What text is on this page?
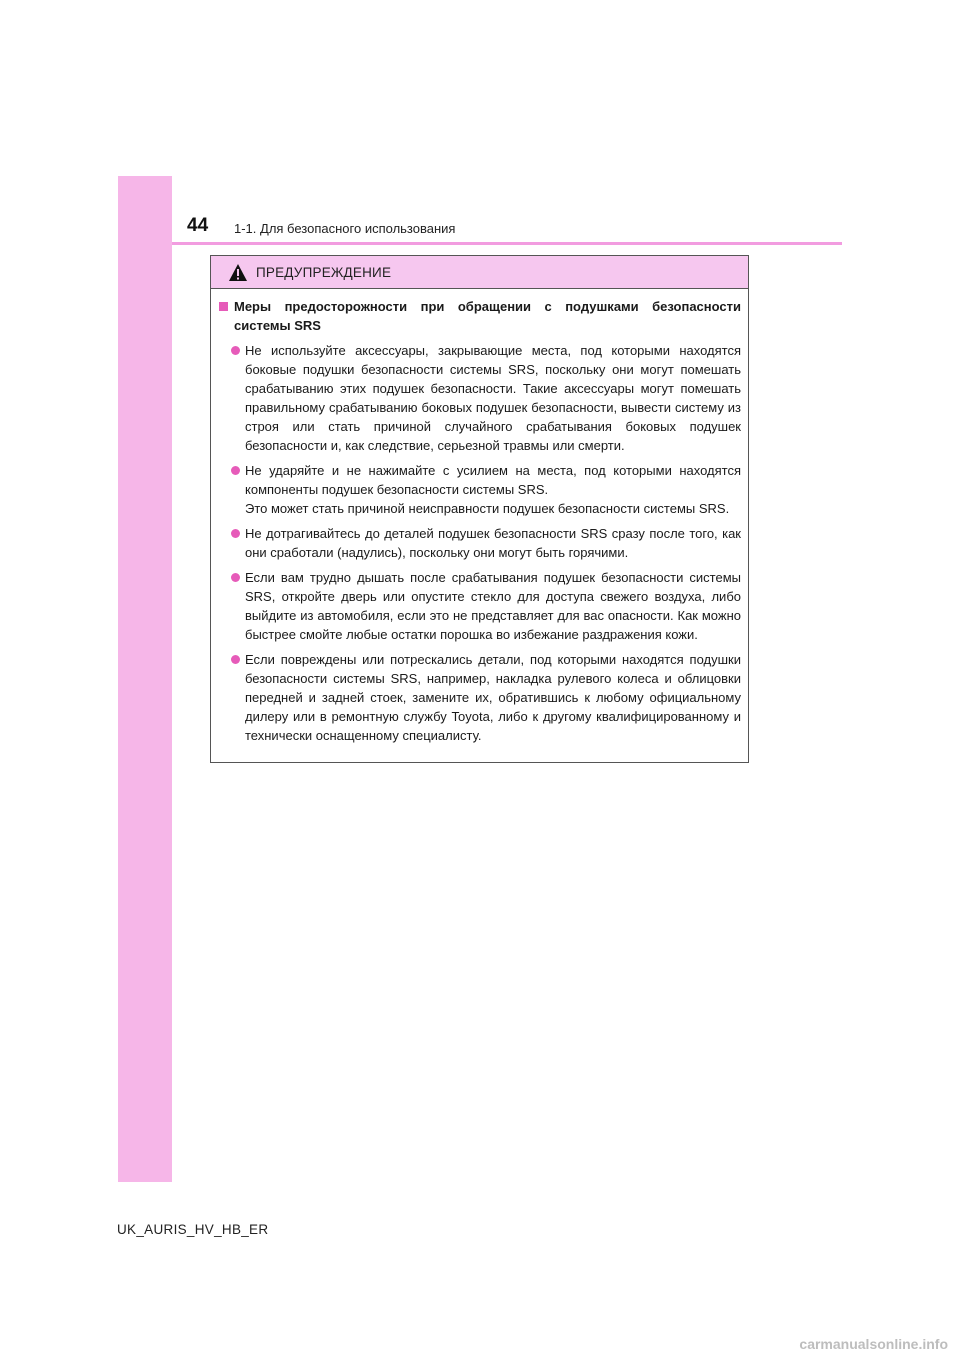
44 1-1. Для безопасного использования
ПРЕДУПРЕЖДЕНИЕ
Меры предосторожности при обращении с подушками безопасности системы SRS
Не используйте аксессуары, закрывающие места, под которыми находятся боковые подушки безопасности системы SRS, поскольку они могут помешать срабатыванию этих подушек безопасности. Такие аксессуары могут помешать правильному срабатыванию боковых подушек безопасности, вывести систему из строя или стать причиной случайного срабатывания боковых подушек безопасности и, как следствие, серьезной травмы или смерти.
Не ударяйте и не нажимайте с усилием на места, под которыми находятся компоненты подушек безопасности системы SRS.
Это может стать причиной неисправности подушек безопасности системы SRS.
Не дотрагивайтесь до деталей подушек безопасности SRS сразу после того, как они сработали (надулись), поскольку они могут быть горячими.
Если вам трудно дышать после срабатывания подушек безопасности системы SRS, откройте дверь или опустите стекло для доступа свежего воздуха, либо выйдите из автомобиля, если это не представляет для вас опасности. Как можно быстрее смойте любые остатки порошка во избежание раздражения кожи.
Если повреждены или потрескались детали, под которыми находятся подушки безопасности системы SRS, например, накладка рулевого колеса и облицовки передней и задней стоек, замените их, обратившись к любому официальному дилеру или в ремонтную службу Toyota, либо к другому квалифицированному и технически оснащенному специалисту.
UK_AURIS_HV_HB_ER
carmanualsonline.info
